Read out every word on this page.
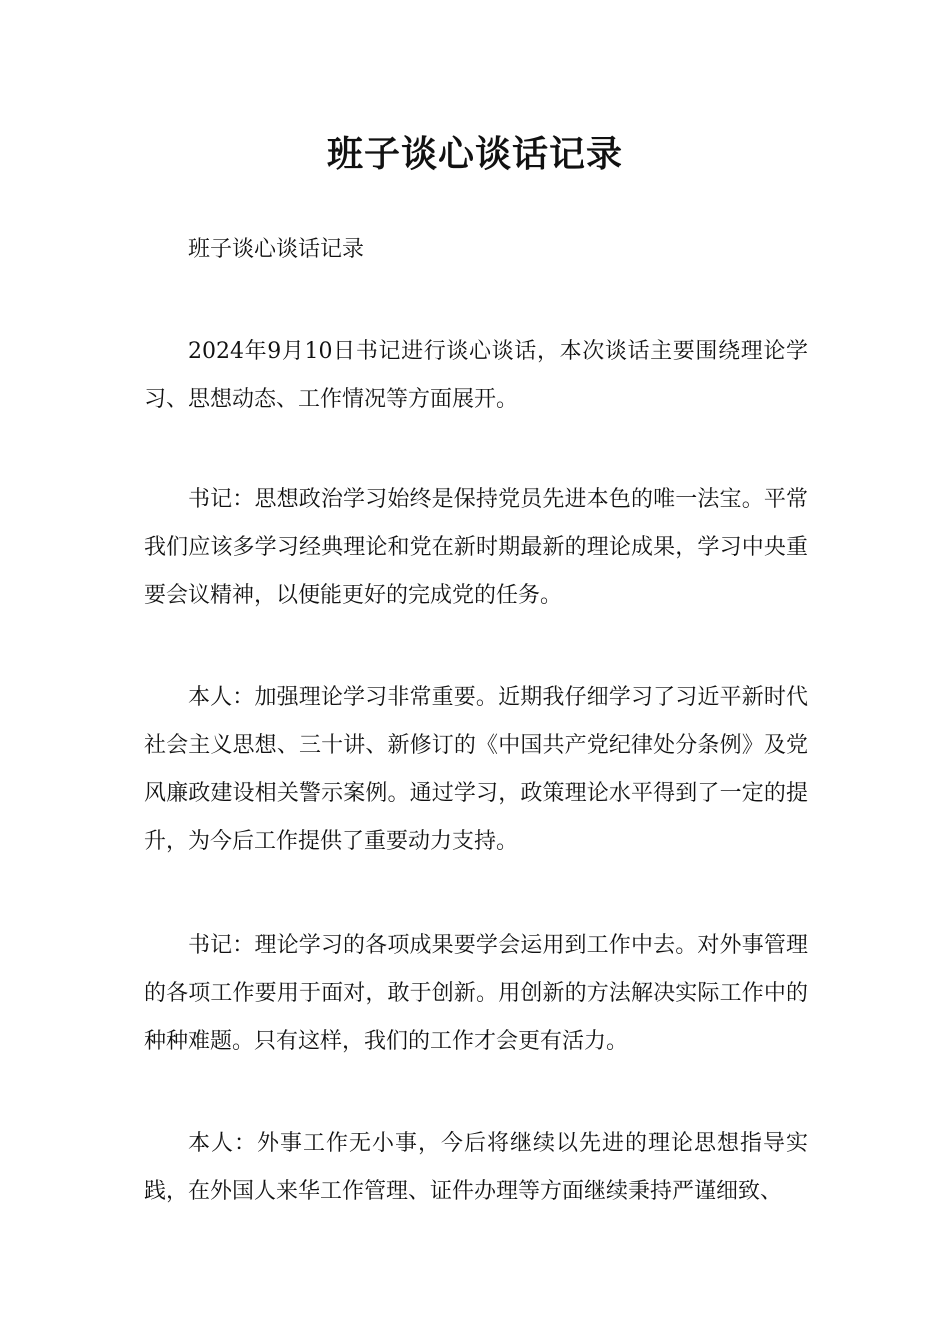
班子谈心谈话记录

班子谈心谈话记录

2024年9月10日书记进行谈心谈话，本次谈话主要围绕理论学习、思想动态、工作情况等方面展开。

书记：思想政治学习始终是保持党员先进本色的唯一法宝。平常我们应该多学习经典理论和党在新时期最新的理论成果，学习中央重要会议精神，以便能更好的完成党的任务。

本人：加强理论学习非常重要。近期我仔细学习了习近平新时代社会主义思想、三十讲、新修订的《中国共产党纪律处分条例》及党风廉政建设相关警示案例。通过学习，政策理论水平得到了一定的提升，为今后工作提供了重要动力支持。

书记：理论学习的各项成果要学会运用到工作中去。对外事管理的各项工作要用于面对，敢于创新。用创新的方法解决实际工作中的种种难题。只有这样，我们的工作才会更有活力。

本人：外事工作无小事，今后将继续以先进的理论思想指导实践，在外国人来华工作管理、证件办理等方面继续秉持严谨细致、
